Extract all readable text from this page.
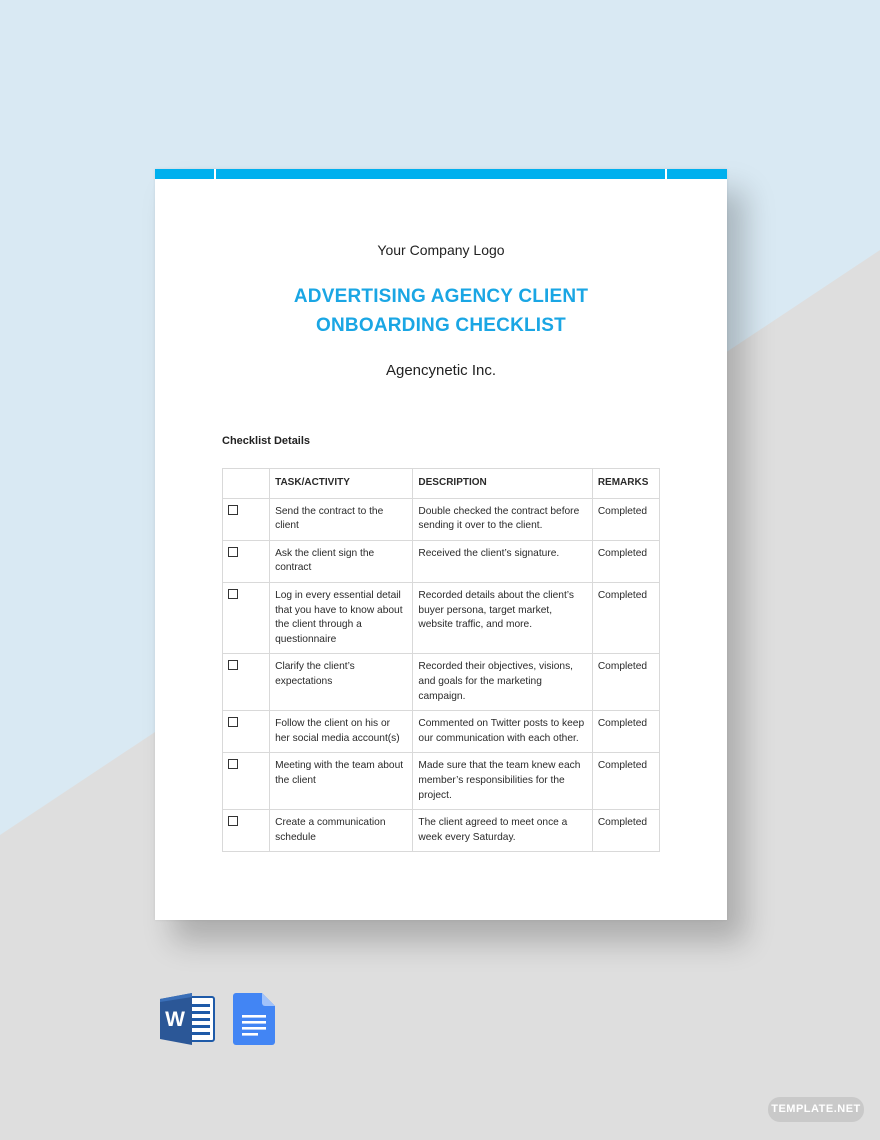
Your Company Logo
ADVERTISING AGENCY CLIENT
ONBOARDING CHECKLIST
Agencynetic Inc.
Checklist Details
	TASK/ACTIVITY	DESCRIPTION	REMARKS
	Send the contract to the client	Double checked the contract before sending it over to the client.	Completed
	Ask the client sign the contract	Received the client’s signature.	Completed
	Log in every essential detail that you have to know about the client through a questionnaire	Recorded details about the client’s buyer persona, target market, website traffic, and more.	Completed
	Clarify the client’s expectations	Recorded their objectives, visions, and goals for the marketing campaign.	Completed
	Follow the client on his or her social media account(s)	Commented on Twitter posts to keep our communication with each other.	Completed
	Meeting with the team about the client	Made sure that the team knew each member’s responsibilities for the project.	Completed
	Create a communication schedule	The client agreed to meet once a week every Saturday.	Completed
W
TEMPLATE.NET
